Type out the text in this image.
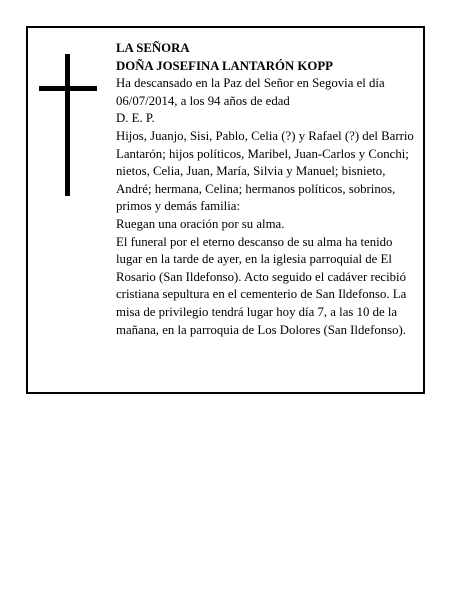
LA SEÑORA

DOÑA JOSEFINA LANTARÓN KOPP

Ha descansado en la Paz del Señor en Segovia el día 06/07/2014, a los 94 años de edad

D. E. P.

Hijos, Juanjo, Sisi, Pablo, Celia (?) y Rafael (?) del Barrio Lantarón; hijos políticos, Maribel, Juan-Carlos y Conchi; nietos, Celia, Juan, María, Silvia y Manuel; bisnieto, André; hermana, Celina; hermanos políticos, sobrinos, primos y demás familia:

Ruegan una oración por su alma.

El funeral por el eterno descanso de su alma ha tenido lugar en la tarde de ayer, en la iglesia parroquial de El Rosario (San Ildefonso). Acto seguido el cadáver recibió cristiana sepultura en el cementerio de San Ildefonso. La misa de privilegio tendrá lugar hoy día 7, a las 10 de la mañana, en la parroquia de Los Dolores (San Ildefonso).
